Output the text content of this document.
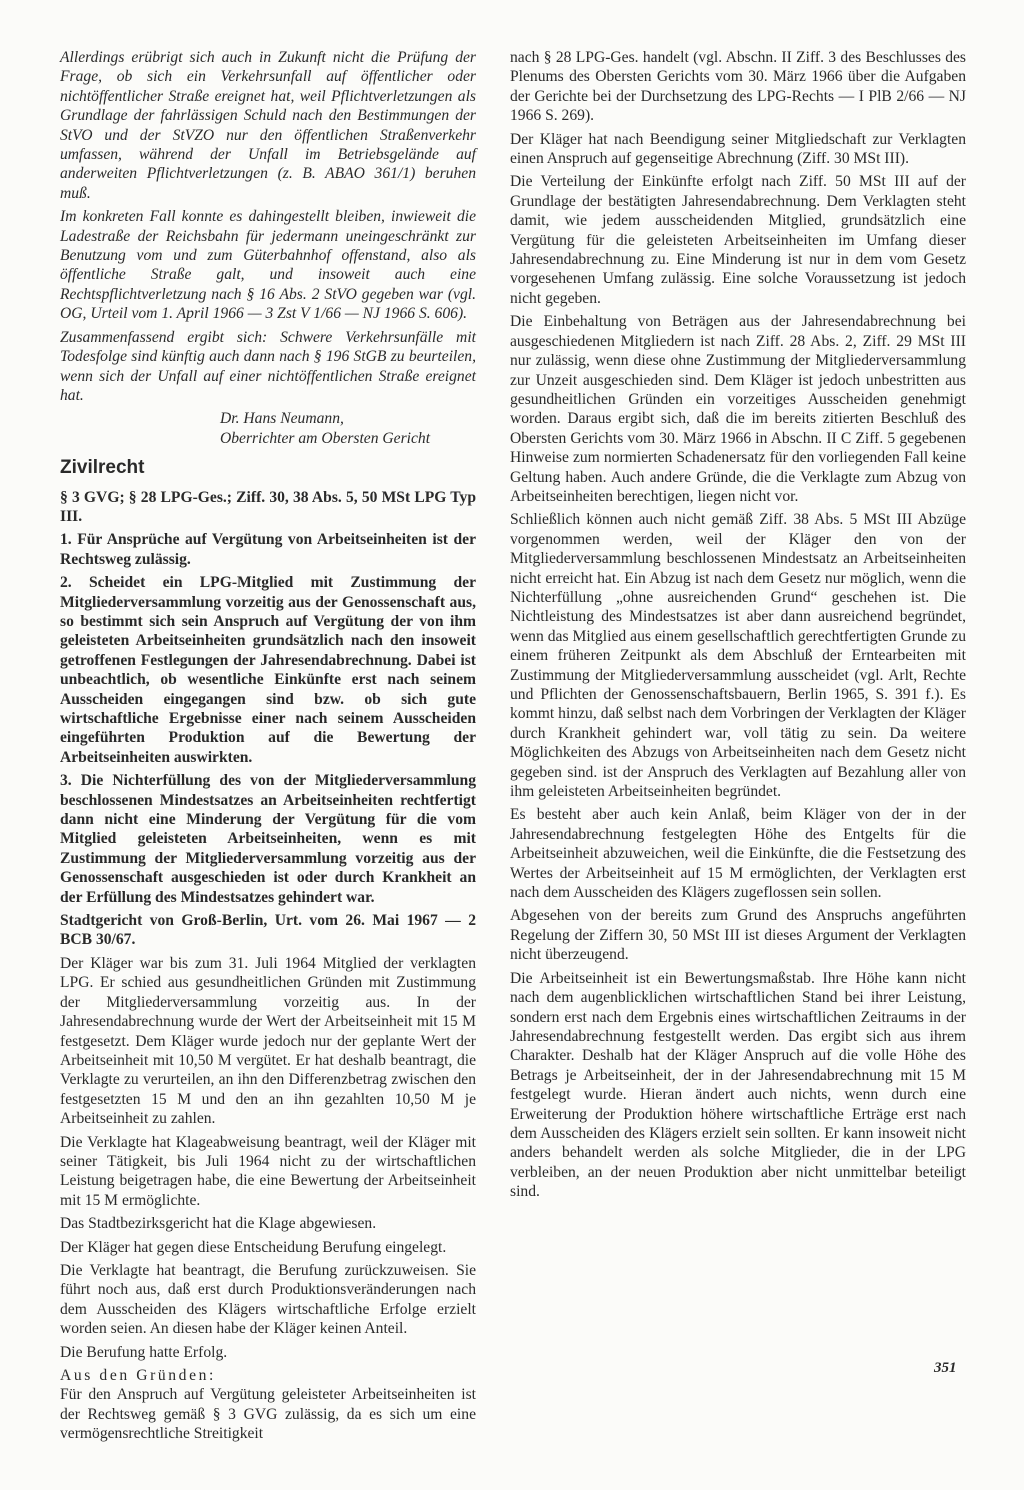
Allerdings erübrigt sich auch in Zukunft nicht die Prüfung der Frage, ob sich ein Verkehrsunfall auf öffentlicher oder nichtöffentlicher Straße ereignet hat, weil Pflichtverletzungen als Grundlage der fahrlässigen Schuld nach den Bestimmungen der StVO und der StVZO nur den öffentlichen Straßenverkehr umfassen, während der Unfall im Betriebsgelände auf anderweiten Pflichtverletzungen (z. B. ABAO 361/1) beruhen muß.

Im konkreten Fall konnte es dahingestellt bleiben, inwieweit die Ladestraße der Reichsbahn für jedermann uneingeschränkt zur Benutzung vom und zum Güterbahnhof offenstand, also als öffentliche Straße galt, und insoweit auch eine Rechtspflichtverletzung nach § 16 Abs. 2 StVO gegeben war (vgl. OG, Urteil vom 1. April 1966 — 3 Zst V 1/66 — NJ 1966 S. 606).

Zusammenfassend ergibt sich: Schwere Verkehrsunfälle mit Todesfolge sind künftig auch dann nach § 196 StGB zu beurteilen, wenn sich der Unfall auf einer nichtöffentlichen Straße ereignet hat.

Dr. Hans Neumann,

Oberrichter am Obersten Gericht

Zivilrecht

§ 3 GVG; § 28 LPG-Ges.; Ziff. 30, 38 Abs. 5, 50 MSt LPG Typ III.

1. Für Ansprüche auf Vergütung von Arbeitseinheiten ist der Rechtsweg zulässig.

2. Scheidet ein LPG-Mitglied mit Zustimmung der Mitgliederversammlung vorzeitig aus der Genossenschaft aus, so bestimmt sich sein Anspruch auf Vergütung der von ihm geleisteten Arbeitseinheiten grundsätzlich nach den insoweit getroffenen Festlegungen der Jahresendabrechnung. Dabei ist unbeachtlich, ob wesentliche Einkünfte erst nach seinem Ausscheiden eingegangen sind bzw. ob sich gute wirtschaftliche Ergebnisse einer nach seinem Ausscheiden eingeführten Produktion auf die Bewertung der Arbeitseinheiten auswirkten.

3. Die Nichterfüllung des von der Mitgliederversammlung beschlossenen Mindestsatzes an Arbeitseinheiten rechtfertigt dann nicht eine Minderung der Vergütung für die vom Mitglied geleisteten Arbeitseinheiten, wenn es mit Zustimmung der Mitgliederversammlung vorzeitig aus der Genossenschaft ausgeschieden ist oder durch Krankheit an der Erfüllung des Mindestsatzes gehindert war.

Stadtgericht von Groß-Berlin, Urt. vom 26. Mai 1967 — 2 BCB 30/67.

Der Kläger war bis zum 31. Juli 1964 Mitglied der verklagten LPG. Er schied aus gesundheitlichen Gründen mit Zustimmung der Mitgliederversammlung vorzeitig aus. In der Jahresendabrechnung wurde der Wert der Arbeitseinheit mit 15 M festgesetzt. Dem Kläger wurde jedoch nur der geplante Wert der Arbeitseinheit mit 10,50 M vergütet. Er hat deshalb beantragt, die Verklagte zu verurteilen, an ihn den Differenzbetrag zwischen den festgesetzten 15 M und den an ihn gezahlten 10,50 M je Arbeitseinheit zu zahlen.

Die Verklagte hat Klageabweisung beantragt, weil der Kläger mit seiner Tätigkeit, bis Juli 1964 nicht zu der wirtschaftlichen Leistung beigetragen habe, die eine Bewertung der Arbeitseinheit mit 15 M ermöglichte.

Das Stadtbezirksgericht hat die Klage abgewiesen.

Der Kläger hat gegen diese Entscheidung Berufung eingelegt.

Die Verklagte hat beantragt, die Berufung zurückzuweisen. Sie führt noch aus, daß erst durch Produktionsveränderungen nach dem Ausscheiden des Klägers wirtschaftliche Erfolge erzielt worden seien. An diesen habe der Kläger keinen Anteil.

Die Berufung hatte Erfolg.

Aus den Gründen:

Für den Anspruch auf Vergütung geleisteter Arbeitseinheiten ist der Rechtsweg gemäß § 3 GVG zulässig, da es sich um eine vermögensrechtliche Streitigkeit

nach § 28 LPG-Ges. handelt (vgl. Abschn. II Ziff. 3 des Beschlusses des Plenums des Obersten Gerichts vom 30. März 1966 über die Aufgaben der Gerichte bei der Durchsetzung des LPG-Rechts — I PlB 2/66 — NJ 1966 S. 269).

Der Kläger hat nach Beendigung seiner Mitgliedschaft zur Verklagten einen Anspruch auf gegenseitige Abrechnung (Ziff. 30 MSt III).

Die Verteilung der Einkünfte erfolgt nach Ziff. 50 MSt III auf der Grundlage der bestätigten Jahresendabrechnung. Dem Verklagten steht damit, wie jedem ausscheidenden Mitglied, grundsätzlich eine Vergütung für die geleisteten Arbeitseinheiten im Umfang dieser Jahresendabrechnung zu. Eine Minderung ist nur in dem vom Gesetz vorgesehenen Umfang zulässig. Eine solche Voraussetzung ist jedoch nicht gegeben.

Die Einbehaltung von Beträgen aus der Jahresendabrechnung bei ausgeschiedenen Mitgliedern ist nach Ziff. 28 Abs. 2, Ziff. 29 MSt III nur zulässig, wenn diese ohne Zustimmung der Mitgliederversammlung zur Unzeit ausgeschieden sind. Dem Kläger ist jedoch unbestritten aus gesundheitlichen Gründen ein vorzeitiges Ausscheiden genehmigt worden. Daraus ergibt sich, daß die im bereits zitierten Beschluß des Obersten Gerichts vom 30. März 1966 in Abschn. II C Ziff. 5 gegebenen Hinweise zum normierten Schadenersatz für den vorliegenden Fall keine Geltung haben. Auch andere Gründe, die die Verklagte zum Abzug von Arbeitseinheiten berechtigen, liegen nicht vor.

Schließlich können auch nicht gemäß Ziff. 38 Abs. 5 MSt III Abzüge vorgenommen werden, weil der Kläger den von der Mitgliederversammlung beschlossenen Mindestsatz an Arbeitseinheiten nicht erreicht hat. Ein Abzug ist nach dem Gesetz nur möglich, wenn die Nichterfüllung „ohne ausreichenden Grund“ geschehen ist. Die Nichtleistung des Mindestsatzes ist aber dann ausreichend begründet, wenn das Mitglied aus einem gesellschaftlich gerechtfertigten Grunde zu einem früheren Zeitpunkt als dem Abschluß der Erntearbeiten mit Zustimmung der Mitgliederversammlung ausscheidet (vgl. Arlt, Rechte und Pflichten der Genossenschaftsbauern, Berlin 1965, S. 391 f.). Es kommt hinzu, daß selbst nach dem Vorbringen der Verklagten der Kläger durch Krankheit gehindert war, voll tätig zu sein. Da weitere Möglichkeiten des Abzugs von Arbeitseinheiten nach dem Gesetz nicht gegeben sind. ist der Anspruch des Verklagten auf Bezahlung aller von ihm geleisteten Arbeitseinheiten begründet.

Es besteht aber auch kein Anlaß, beim Kläger von der in der Jahresendabrechnung festgelegten Höhe des Entgelts für die Arbeitseinheit abzuweichen, weil die Einkünfte, die die Festsetzung des Wertes der Arbeitseinheit auf 15 M ermöglichten, der Verklagten erst nach dem Ausscheiden des Klägers zugeflossen sein sollen.

Abgesehen von der bereits zum Grund des Anspruchs angeführten Regelung der Ziffern 30, 50 MSt III ist dieses Argument der Verklagten nicht überzeugend.

Die Arbeitseinheit ist ein Bewertungsmaßstab. Ihre Höhe kann nicht nach dem augenblicklichen wirtschaftlichen Stand bei ihrer Leistung, sondern erst nach dem Ergebnis eines wirtschaftlichen Zeitraums in der Jahresendabrechnung festgestellt werden. Das ergibt sich aus ihrem Charakter. Deshalb hat der Kläger Anspruch auf die volle Höhe des Betrags je Arbeitseinheit, der in der Jahresendabrechnung mit 15 M festgelegt wurde. Hieran ändert auch nichts, wenn durch eine Erweiterung der Produktion höhere wirtschaftliche Erträge erst nach dem Ausscheiden des Klägers erzielt sein sollten. Er kann insoweit nicht anders behandelt werden als solche Mitglieder, die in der LPG verbleiben, an der neuen Produktion aber nicht unmittelbar beteiligt sind.

351
